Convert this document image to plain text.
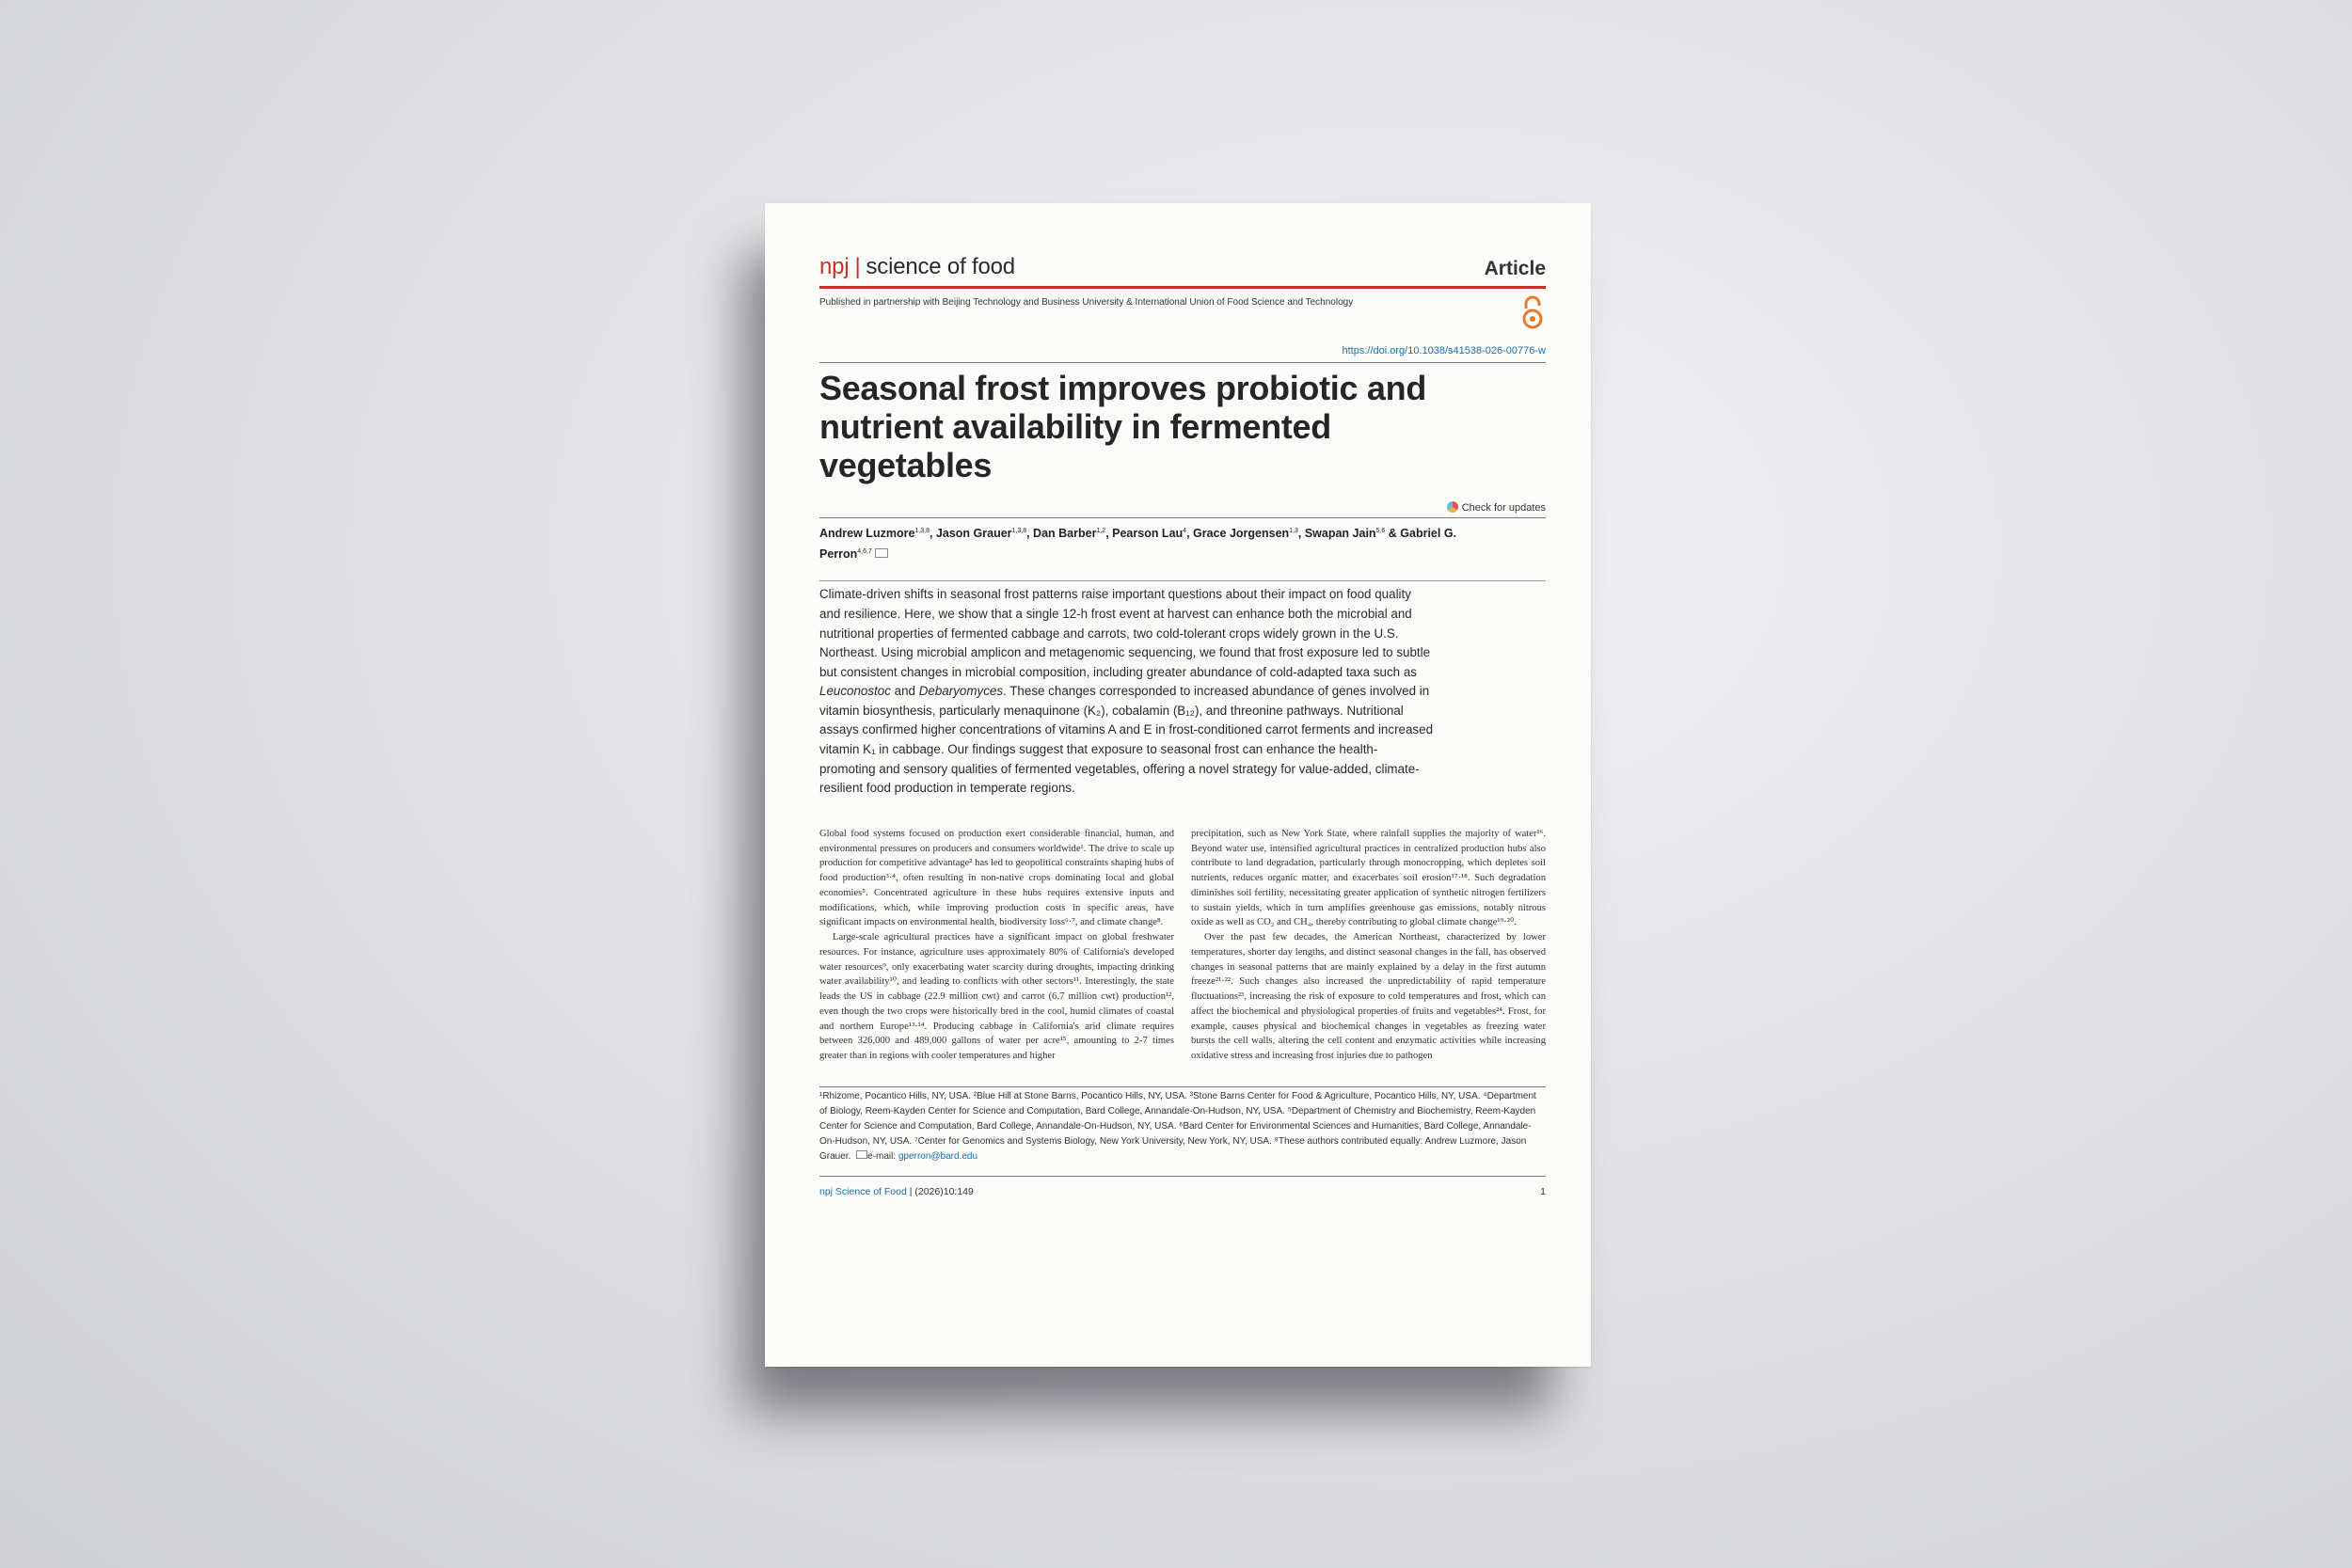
npj | science of food	Article
Published in partnership with Beijing Technology and Business University & International Union of Food Science and Technology
https://doi.org/10.1038/s41538-026-00776-w
Seasonal frost improves probiotic and nutrient availability in fermented vegetables
Check for updates
Andrew Luzmore$^{1,3,8}$, Jason Grauer$^{1,3,8}$, Dan Barber$^{1,2}$, Pearson Lau$^4$, Grace Jorgensen$^{1,3}$, Swapan Jain$^{5,6}$ & Gabriel G. Perron$^{4,6,7}$
Climate-driven shifts in seasonal frost patterns raise important questions about their impact on food quality and resilience. Here, we show that a single 12-h frost event at harvest can enhance both the microbial and nutritional properties of fermented cabbage and carrots, two cold-tolerant crops widely grown in the U.S. Northeast. Using microbial amplicon and metagenomic sequencing, we found that frost exposure led to subtle but consistent changes in microbial composition, including greater abundance of cold-adapted taxa such as Leuconostoc and Debaryomyces. These changes corresponded to increased abundance of genes involved in vitamin biosynthesis, particularly menaquinone (K₂), cobalamin (B₁₂), and threonine pathways. Nutritional assays confirmed higher concentrations of vitamins A and E in frost-conditioned carrot ferments and increased vitamin K₁ in cabbage. Our findings suggest that exposure to seasonal frost can enhance the health-promoting and sensory qualities of fermented vegetables, offering a novel strategy for value-added, climate-resilient food production in temperate regions.

Global food systems focused on production exert considerable financial, human, and environmental pressures on producers and consumers worldwide¹. The drive to scale up production for competitive advantage² has led to geopolitical constraints shaping hubs of food production³·⁴, often resulting in non-native crops dominating local and global economies⁵. Concentrated agriculture in these hubs requires extensive inputs and modifications, which, while improving production costs in specific areas, have significant impacts on environmental health, biodiversity loss⁶·⁷, and climate change⁸.

Large-scale agricultural practices have a significant impact on global freshwater resources. For instance, agriculture uses approximately 80% of California's developed water resources⁹, only exacerbating water scarcity during droughts, impacting drinking water availability¹⁰, and leading to conflicts with other sectors¹¹. Interestingly, the state leads the US in cabbage (22.9 million cwt) and carrot (6.7 million cwt) production¹², even though the two crops were historically bred in the cool, humid climates of coastal and northern Europe¹³·¹⁴. Producing cabbage in California's arid climate requires between 326,000 and 489,000 gallons of water per acre¹⁵, amounting to 2-7 times greater than in regions with cooler temperatures and higher

precipitation, such as New York State, where rainfall supplies the majority of water¹⁶. Beyond water use, intensified agricultural practices in centralized production hubs also contribute to land degradation, particularly through monocropping, which depletes soil nutrients, reduces organic matter, and exacerbates soil erosion¹⁷·¹⁸. Such degradation diminishes soil fertility, necessitating greater application of synthetic nitrogen fertilizers to sustain yields, which in turn amplifies greenhouse gas emissions, notably nitrous oxide as well as CO₂ and CH₄, thereby contributing to global climate change¹⁹·²⁰.

Over the past few decades, the American Northeast, characterized by lower temperatures, shorter day lengths, and distinct seasonal changes in the fall, has observed changes in seasonal patterns that are mainly explained by a delay in the first autumn freeze²¹·²². Such changes also increased the unpredictability of rapid temperature fluctuations²³, increasing the risk of exposure to cold temperatures and frost, which can affect the biochemical and physiological properties of fruits and vegetables²⁴. Frost, for example, causes physical and biochemical changes in vegetables as freezing water bursts the cell walls, altering the cell content and enzymatic activities while increasing oxidative stress and increasing frost injuries due to pathogen

¹Rhizome, Pocantico Hills, NY, USA. ²Blue Hill at Stone Barns, Pocantico Hills, NY, USA. ³Stone Barns Center for Food & Agriculture, Pocantico Hills, NY, USA. ⁴Department of Biology, Reem-Kayden Center for Science and Computation, Bard College, Annandale-On-Hudson, NY, USA. ⁵Department of Chemistry and Biochemistry, Reem-Kayden Center for Science and Computation, Bard College, Annandale-On-Hudson, NY, USA. ⁶Bard Center for Environmental Sciences and Humanities, Bard College, Annandale-On-Hudson, NY, USA. ⁷Center for Genomics and Systems Biology, New York University, New York, NY, USA. ⁸These authors contributed equally: Andrew Luzmore, Jason Grauer. e-mail: gperron@bard.edu
npj Science of Food | (2026)10:149	1
